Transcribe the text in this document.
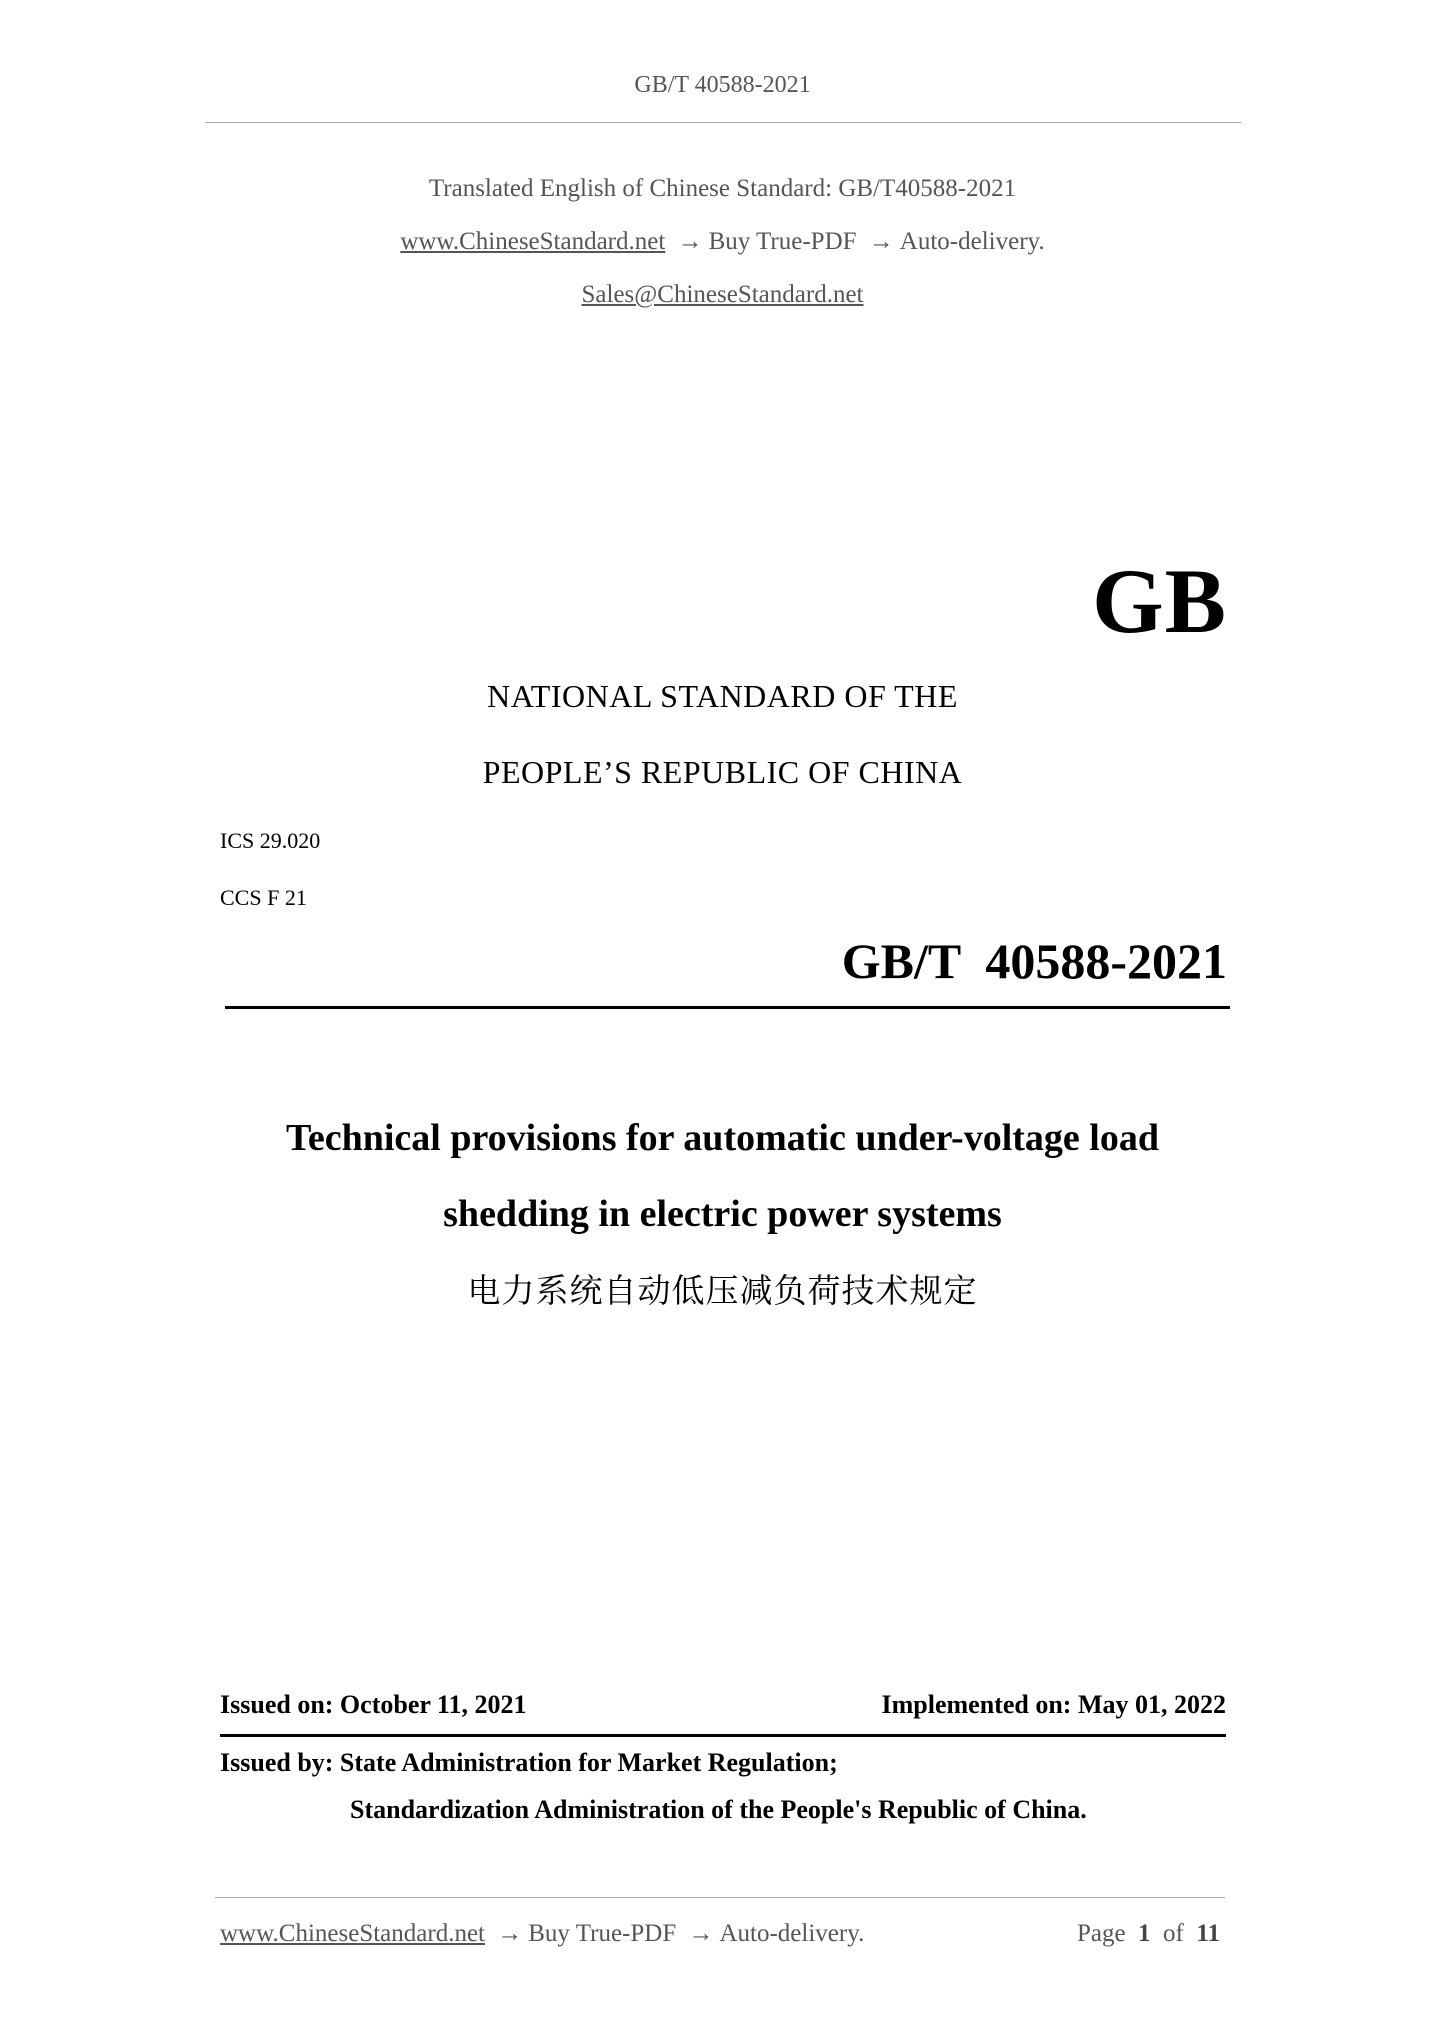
GB/T 40588-2021
Translated English of Chinese Standard: GB/T40588-2021
www.ChineseStandard.net → Buy True-PDF → Auto-delivery.
Sales@ChineseStandard.net
GB
NATIONAL STANDARD OF THE
PEOPLE’S REPUBLIC OF CHINA
ICS 29.020
CCS F 21
GB/T  40588-2021
Technical provisions for automatic under-voltage load
shedding in electric power systems
电力系统自动低压减负荷技术规定
Issued on: October 11, 2021	Implemented on: May 01, 2022
Issued by: State Administration for Market Regulation;
Standardization Administration of the People's Republic of China.
www.ChineseStandard.net → Buy True-PDF → Auto-delivery.	Page 1 of 11
